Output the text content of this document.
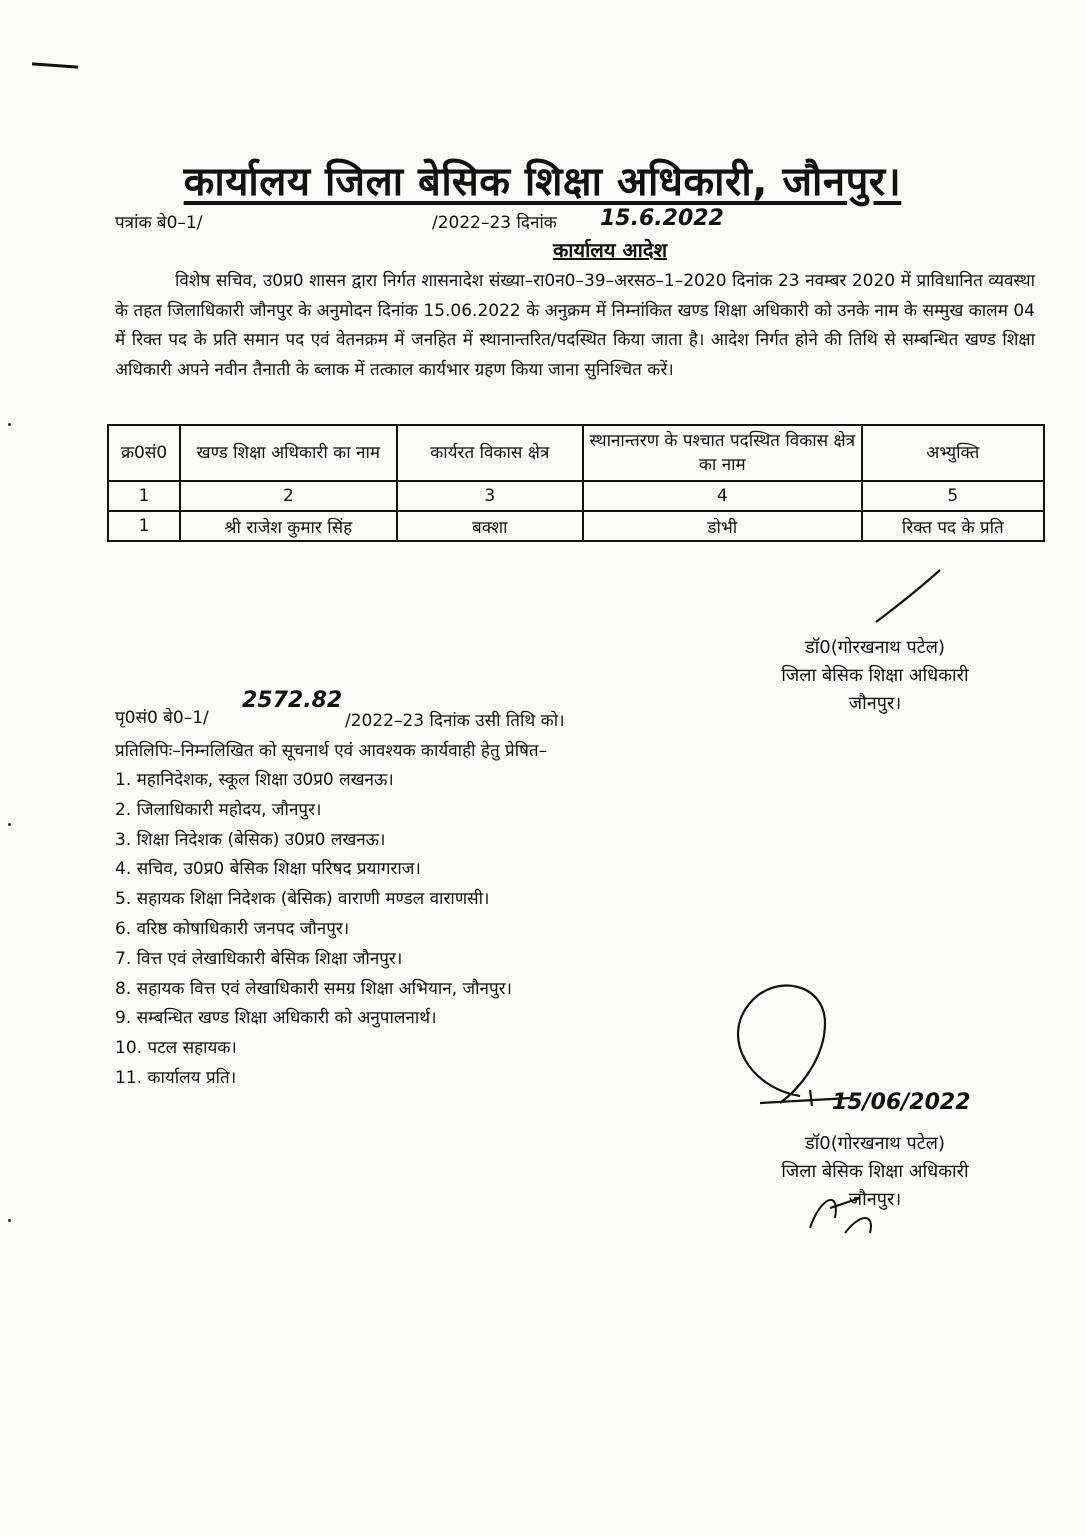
कार्यालय जिला बेसिक शिक्षा अधिकारी, जौनपुर।
पत्रांक बे0–1/	/2022–23 दिनांक 15.6.2022
कार्यालय आदेश

विशेष सचिव, उ0प्र0 शासन द्वारा निर्गत शासनादेश संख्या–रा0न0–39–अरसठ–1–2020 दिनांक 23 नवम्बर 2020 में प्राविधानित व्यवस्था के तहत जिलाधिकारी जौनपुर के अनुमोदन दिनांक 15.06.2022 के अनुक्रम में निम्नांकित खण्ड शिक्षा अधिकारी को उनके नाम के सम्मुख कालम 04 में रिक्त पद के प्रति समान पद एवं वेतनक्रम में जनहित में स्थानान्तरित/पदस्थित किया जाता है। आदेश निर्गत होने की तिथि से सम्बन्धित खण्ड शिक्षा अधिकारी अपने नवीन तैनाती के ब्लाक में तत्काल कार्यभार ग्रहण किया जाना सुनिश्चित करें।

क्र0सं0	खण्ड शिक्षा अधिकारी का नाम	कार्यरत विकास क्षेत्र	स्थानान्तरण के पश्चात पदस्थित विकास क्षेत्र का नाम	अभ्युक्ति
1	2	3	4	5
1	श्री राजेश कुमार सिंह	बक्शा	डोभी	रिक्त पद के प्रति
डॉ0(गोरखनाथ पटेल)
जिला बेसिक शिक्षा अधिकारी
जौनपुर।
पृ0सं0 बे0–1/
2572.82
/2022–23 दिनांक उसी तिथि को।
प्रतिलिपिः–निम्नलिखित को सूचनार्थ एवं आवश्यक कार्यवाही हेतु प्रेषित–
1. महानिदेशक, स्कूल शिक्षा उ0प्र0 लखनऊ।
2. जिलाधिकारी महोदय, जौनपुर।
3. शिक्षा निदेशक (बेसिक) उ0प्र0 लखनऊ।
4. सचिव, उ0प्र0 बेसिक शिक्षा परिषद प्रयागराज।
5. सहायक शिक्षा निदेशक (बेसिक) वाराणी मण्डल वाराणसी।
6. वरिष्ठ कोषाधिकारी जनपद जौनपुर।
7. वित्त एवं लेखाधिकारी बेसिक शिक्षा जौनपुर।
8. सहायक वित्त एवं लेखाधिकारी समग्र शिक्षा अभियान, जौनपुर।
9. सम्बन्धित खण्ड शिक्षा अधिकारी को अनुपालनार्थ।
10. पटल सहायक।
11. कार्यालय प्रति।
15/06/2022
डॉ0(गोरखनाथ पटेल)
जिला बेसिक शिक्षा अधिकारी
जौनपुर।
